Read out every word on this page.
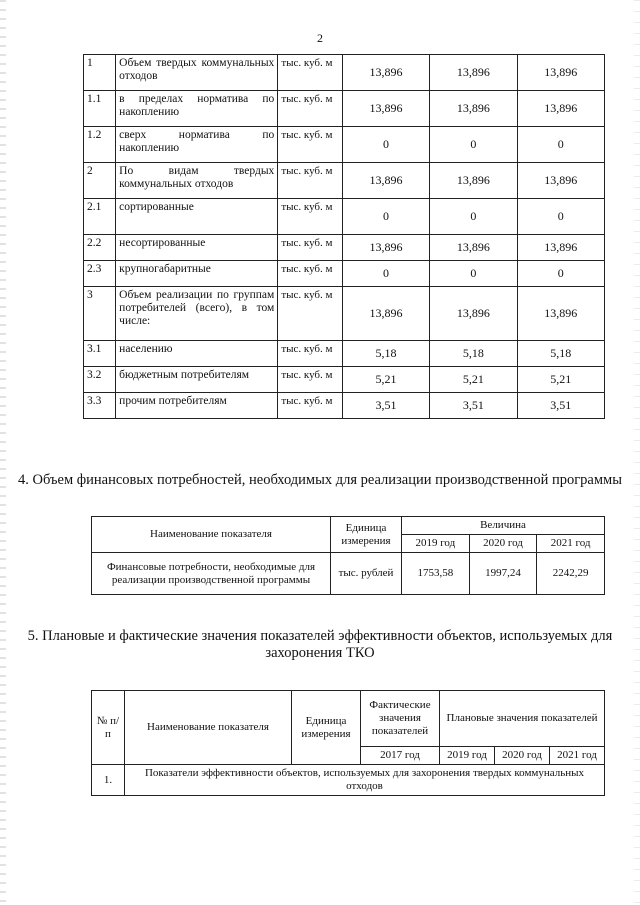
2
1	Объем твердых коммунальных отходов	тыс. куб. м	13,896	13,896	13,896
1.1	в пределах норматива по накоплению	тыс. куб. м	13,896	13,896	13,896
1.2	сверх норматива по накоплению	тыс. куб. м	0	0	0
2	По видам твердых коммунальных отходов	тыс. куб. м	13,896	13,896	13,896
2.1	сортированные	тыс. куб. м	0	0	0
2.2	несортированные	тыс. куб. м	13,896	13,896	13,896
2.3	крупногабаритные	тыс. куб. м	0	0	0
3	Объем реализации по группам потребителей (всего), в том числе:	тыс. куб. м	13,896	13,896	13,896
3.1	населению	тыс. куб. м	5,18	5,18	5,18
3.2	бюджетным потребителям	тыс. куб. м	5,21	5,21	5,21
3.3	прочим потребителям	тыс. куб. м	3,51	3,51	3,51
4. Объем финансовых потребностей, необходимых для реализации производственной программы
Наименование показателя	Единица измерения	Величина		
		2019 год	2020 год	2021 год
Финансовые потребности, необходимые для реализации производственной программы	тыс. рублей	1753,58	1997,24	2242,29
5. Плановые и фактические значения показателей эффективности объектов, используемых для захоронения ТКО
№ п/п	Наименование показателя	Единица измерения	Фактические значения показателей	Плановые значения показателей		
			2017 год	2019 год	2020 год	2021 год
1.	Показатели эффективности объектов, используемых для захоронения твердых коммунальных отходов					
